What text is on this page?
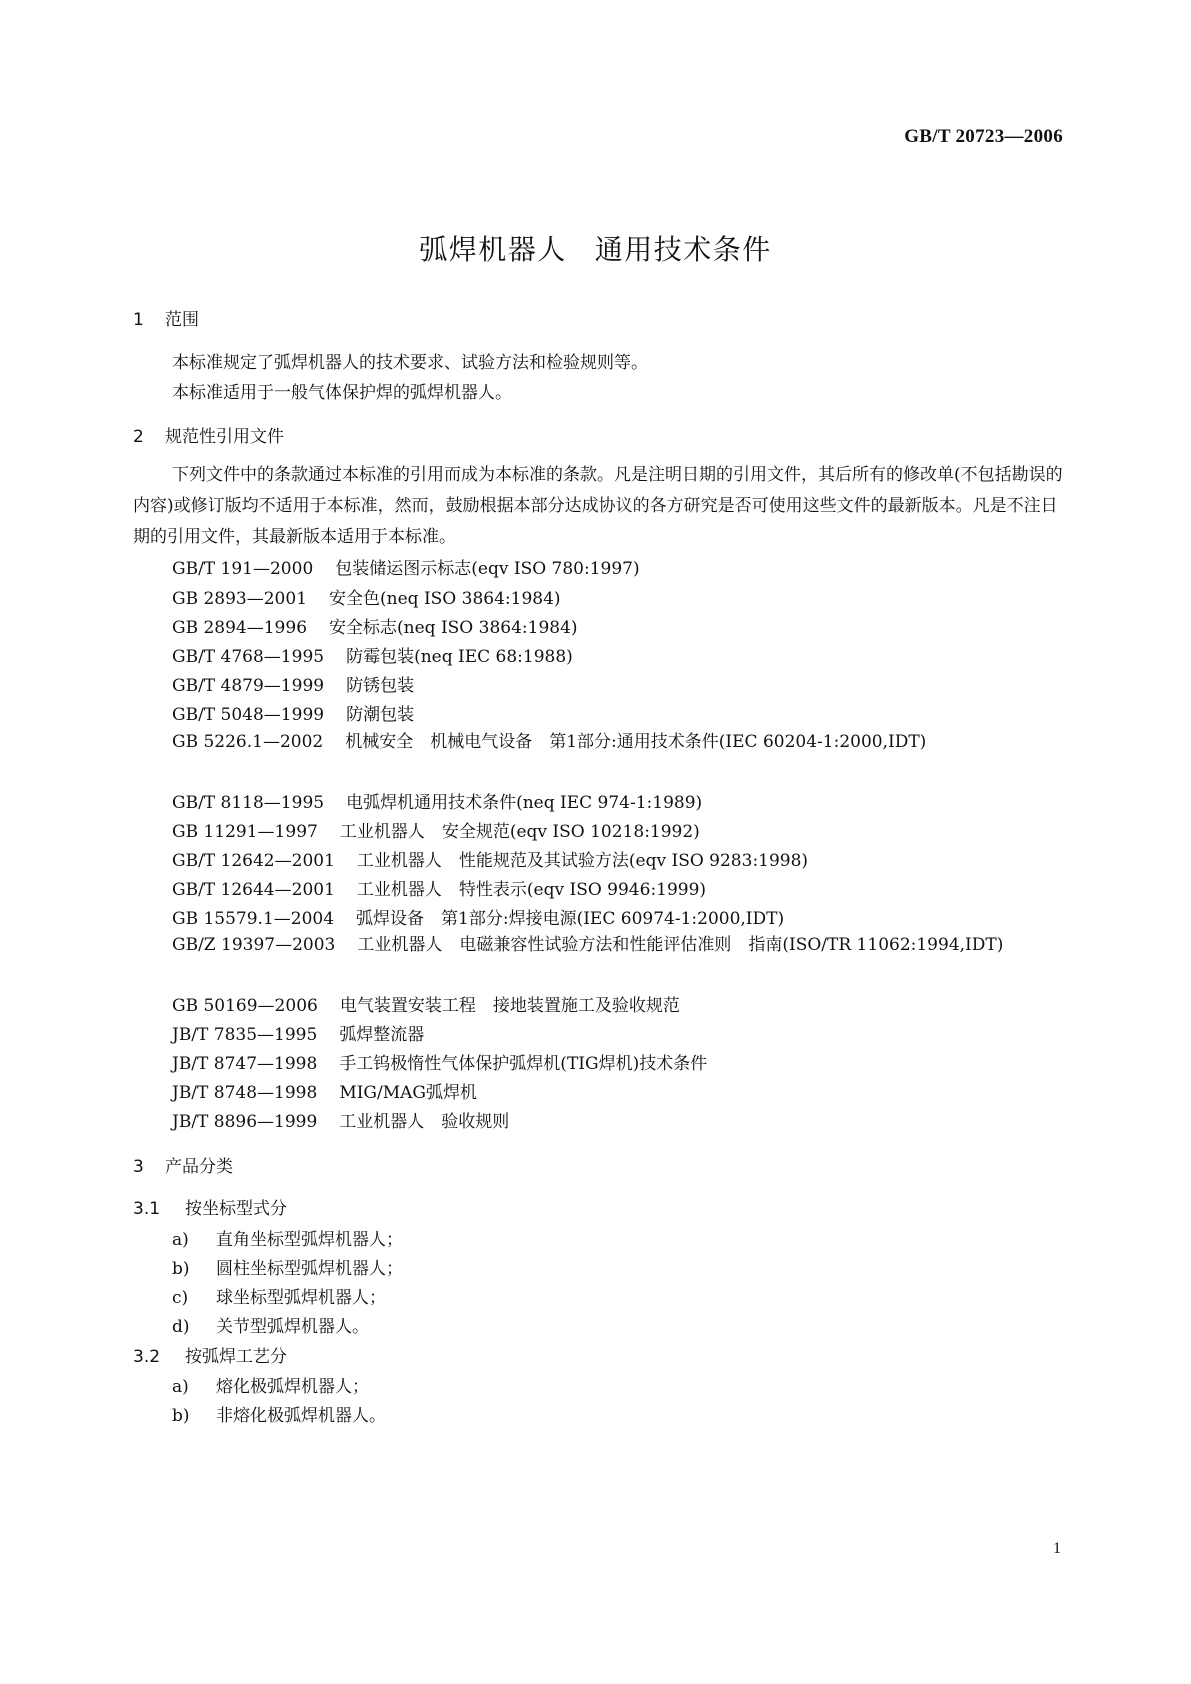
GB/T 20723—2006
弧焊机器人 通用技术条件
1 范围
本标准规定了弧焊机器人的技术要求、试验方法和检验规则等。
本标准适用于一般气体保护焊的弧焊机器人。
2 规范性引用文件
下列文件中的条款通过本标准的引用而成为本标准的条款。凡是注明日期的引用文件，其后所有的修改单(不包括勘误的内容)或修订版均不适用于本标准，然而，鼓励根据本部分达成协议的各方研究是否可使用这些文件的最新版本。凡是不注日期的引用文件，其最新版本适用于本标准。
GB/T 191—2000 包装储运图示标志(eqv ISO 780:1997)
GB 2893—2001 安全色(neq ISO 3864:1984)
GB 2894—1996 安全标志(neq ISO 3864:1984)
GB/T 4768—1995 防霉包装(neq IEC 68:1988)
GB/T 4879—1999 防锈包装
GB/T 5048—1999 防潮包装
GB 5226.1—2002 机械安全　机械电气设备　第1部分:通用技术条件(IEC 60204-1:2000,IDT)
GB/T 8118—1995 电弧焊机通用技术条件(neq IEC 974-1:1989)
GB 11291—1997 工业机器人　安全规范(eqv ISO 10218:1992)
GB/T 12642—2001 工业机器人　性能规范及其试验方法(eqv ISO 9283:1998)
GB/T 12644—2001 工业机器人　特性表示(eqv ISO 9946:1999)
GB 15579.1—2004 弧焊设备　第1部分:焊接电源(IEC 60974-1:2000,IDT)
GB/Z 19397—2003 工业机器人　电磁兼容性试验方法和性能评估准则　指南(ISO/TR 11062:1994,IDT)
GB 50169—2006 电气装置安装工程　接地装置施工及验收规范
JB/T 7835—1995 弧焊整流器
JB/T 8747—1998 手工钨极惰性气体保护弧焊机(TIG焊机)技术条件
JB/T 8748—1998 MIG/MAG弧焊机
JB/T 8896—1999 工业机器人　验收规则
3 产品分类
3.1 按坐标型式分
a) 直角坐标型弧焊机器人；
b) 圆柱坐标型弧焊机器人；
c) 球坐标型弧焊机器人；
d) 关节型弧焊机器人。
3.2 按弧焊工艺分
a) 熔化极弧焊机器人；
b) 非熔化极弧焊机器人。
1
